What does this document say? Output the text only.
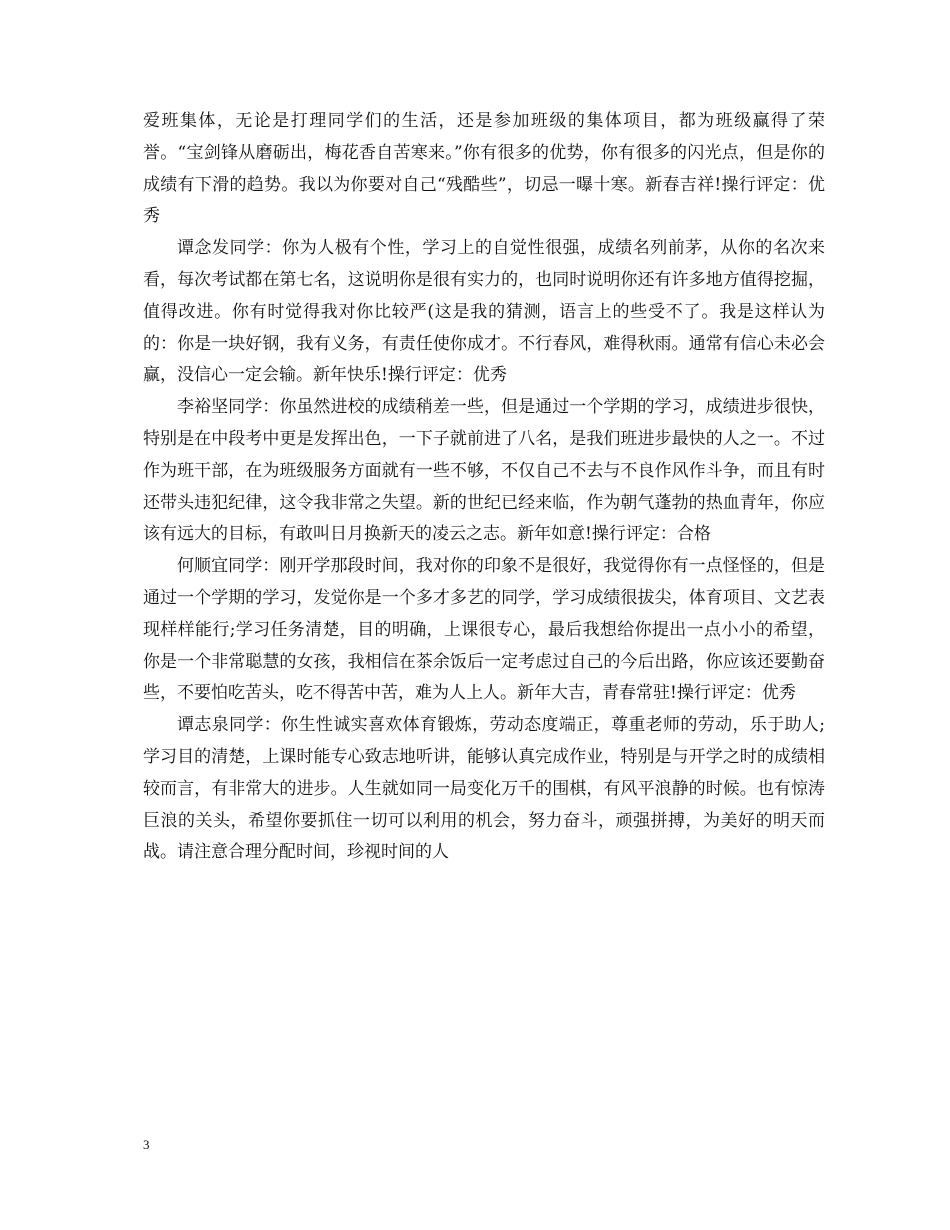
爱班集体，无论是打理同学们的生活，还是参加班级的集体项目，都为班级赢得了荣誉。“宝剑锋从磨砺出，梅花香自苦寒来。”你有很多的优势，你有很多的闪光点，但是你的成绩有下滑的趋势。我以为你要对自己“残酷些”，切忌一曝十寒。新春吉祥!操行评定：优秀

谭念发同学：你为人极有个性，学习上的自觉性很强，成绩名列前茅，从你的名次来看，每次考试都在第七名，这说明你是很有实力的，也同时说明你还有许多地方值得挖掘，值得改进。你有时觉得我对你比较严(这是我的猜测，语言上的些受不了。我是这样认为的：你是一块好钢，我有义务，有责任使你成才。不行春风，难得秋雨。通常有信心未必会赢，没信心一定会输。新年快乐!操行评定：优秀

李裕坚同学：你虽然进校的成绩稍差一些，但是通过一个学期的学习，成绩进步很快，特别是在中段考中更是发挥出色，一下子就前进了八名，是我们班进步最快的人之一。不过作为班干部，在为班级服务方面就有一些不够，不仅自己不去与不良作风作斗争，而且有时还带头违犯纪律，这令我非常之失望。新的世纪已经来临，作为朝气蓬勃的热血青年，你应该有远大的目标，有敢叫日月换新天的凌云之志。新年如意!操行评定：合格

何顺宜同学：刚开学那段时间，我对你的印象不是很好，我觉得你有一点怪怪的，但是通过一个学期的学习，发觉你是一个多才多艺的同学，学习成绩很拔尖，体育项目、文艺表现样样能行;学习任务清楚，目的明确，上课很专心，最后我想给你提出一点小小的希望，你是一个非常聪慧的女孩，我相信在茶余饭后一定考虑过自己的今后出路，你应该还要勤奋些，不要怕吃苦头，吃不得苦中苦，难为人上人。新年大吉，青春常驻!操行评定：优秀

谭志泉同学：你生性诚实喜欢体育锻炼，劳动态度端正，尊重老师的劳动，乐于助人;学习目的清楚，上课时能专心致志地听讲，能够认真完成作业，特别是与开学之时的成绩相较而言，有非常大的进步。人生就如同一局变化万千的围棋，有风平浪静的时候。也有惊涛巨浪的关头，希望你要抓住一切可以利用的机会，努力奋斗，顽强拼搏，为美好的明天而战。请注意合理分配时间，珍视时间的人

3
